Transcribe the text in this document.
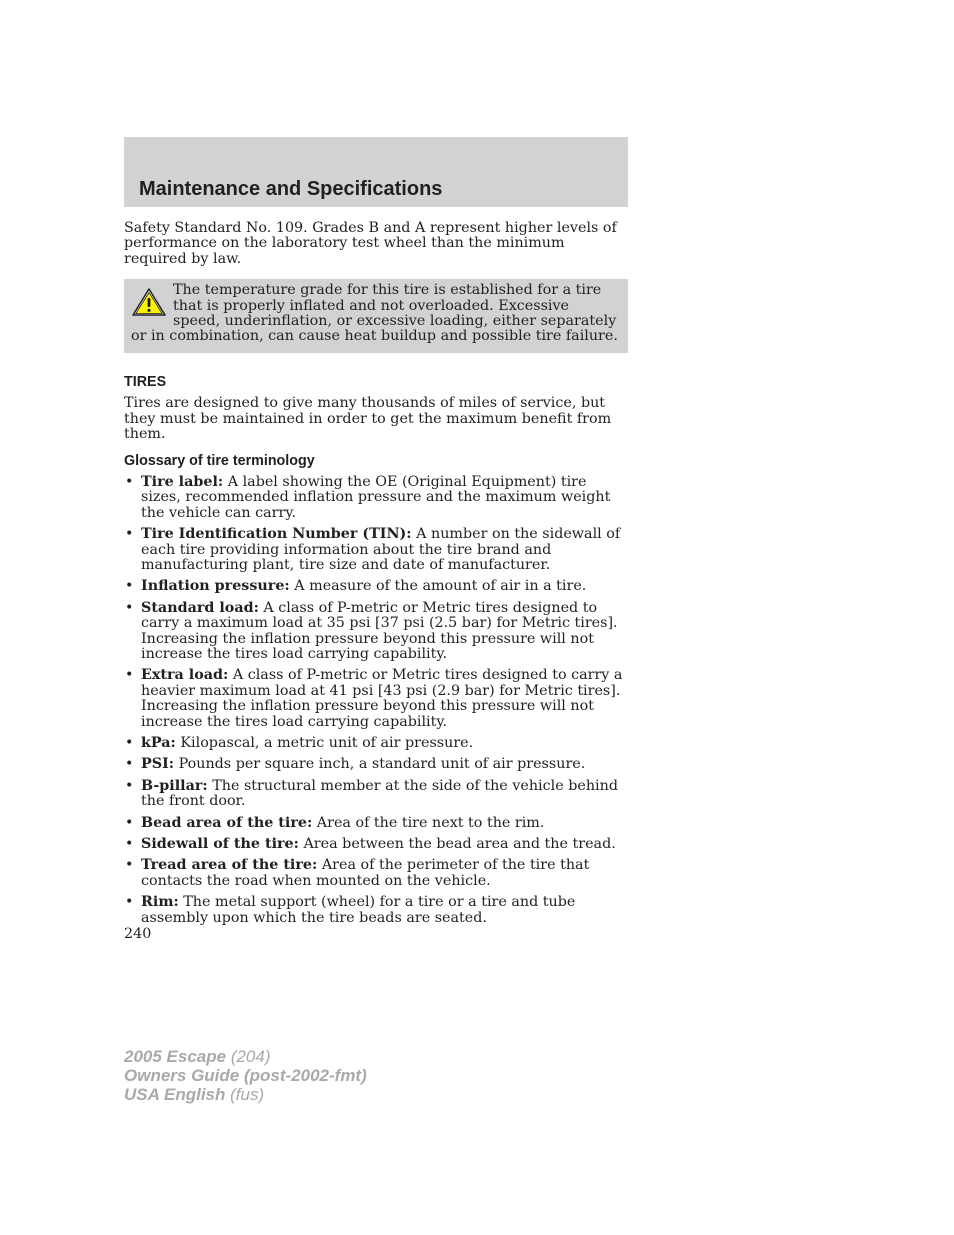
Maintenance and Specifications

Safety Standard No. 109. Grades B and A represent higher levels of performance on the laboratory test wheel than the minimum required by law.

The temperature grade for this tire is established for a tire that is properly inflated and not overloaded. Excessive speed, underinflation, or excessive loading, either separately or in combination, can cause heat buildup and possible tire failure.

TIRES

Tires are designed to give many thousands of miles of service, but they must be maintained in order to get the maximum benefit from them.

Glossary of tire terminology
• Tire label: A label showing the OE (Original Equipment) tire sizes, recommended inflation pressure and the maximum weight the vehicle can carry.
• Tire Identification Number (TIN): A number on the sidewall of each tire providing information about the tire brand and manufacturing plant, tire size and date of manufacturer.
• Inflation pressure: A measure of the amount of air in a tire.
• Standard load: A class of P-metric or Metric tires designed to carry a maximum load at 35 psi [37 psi (2.5 bar) for Metric tires]. Increasing the inflation pressure beyond this pressure will not increase the tires load carrying capability.
• Extra load: A class of P-metric or Metric tires designed to carry a heavier maximum load at 41 psi [43 psi (2.9 bar) for Metric tires]. Increasing the inflation pressure beyond this pressure will not increase the tires load carrying capability.
• kPa: Kilopascal, a metric unit of air pressure.
• PSI: Pounds per square inch, a standard unit of air pressure.
• B-pillar: The structural member at the side of the vehicle behind the front door.
• Bead area of the tire: Area of the tire next to the rim.
• Sidewall of the tire: Area between the bead area and the tread.
• Tread area of the tire: Area of the perimeter of the tire that contacts the road when mounted on the vehicle.
• Rim: The metal support (wheel) for a tire or a tire and tube assembly upon which the tire beads are seated.
240
2005 Escape (204)
Owners Guide (post-2002-fmt)
USA English (fus)
